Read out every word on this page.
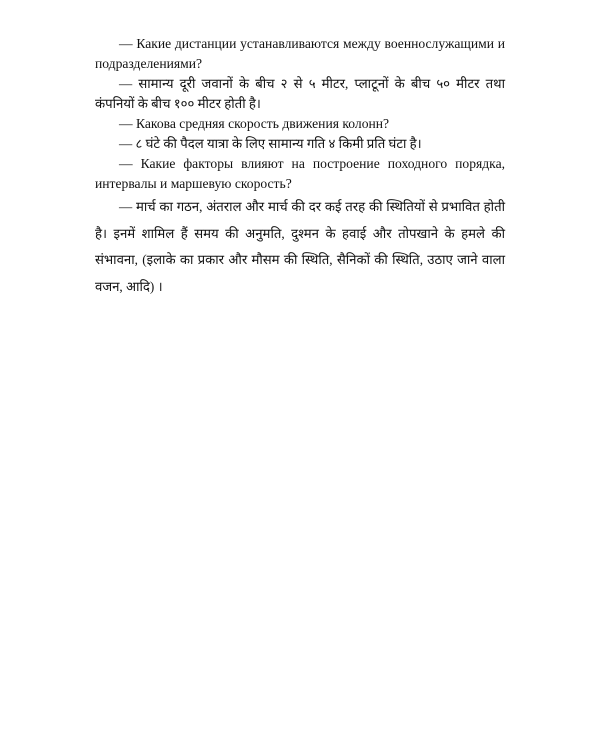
— Какие дистанции устанавливаются между военнослужащими и подразделениями?

— सामान्य दूरी जवानों के बीच २ से ५ मीटर, प्लाटूनों के बीच ५० मीटर तथा कंपनियों के बीच १०० मीटर होती है।

— Какова средняя скорость движения колонн?

— ८ घंटे की पैदल यात्रा के लिए सामान्य गति ४ किमी प्रति घंटा है।

— Какие факторы влияют на построение походного порядка, интервалы и маршевую скорость?

— मार्च का गठन, अंतराल और मार्च की दर कई तरह की स्थितियों से प्रभावित होती है। इनमें शामिल हैं समय की अनुमति, दुश्मन के हवाई और तोपखाने के हमले की संभावना, (इलाके का प्रकार और मौसम की स्थिति, सैनिकों की स्थिति, उठाए जाने वाला वजन, आदि) ।
